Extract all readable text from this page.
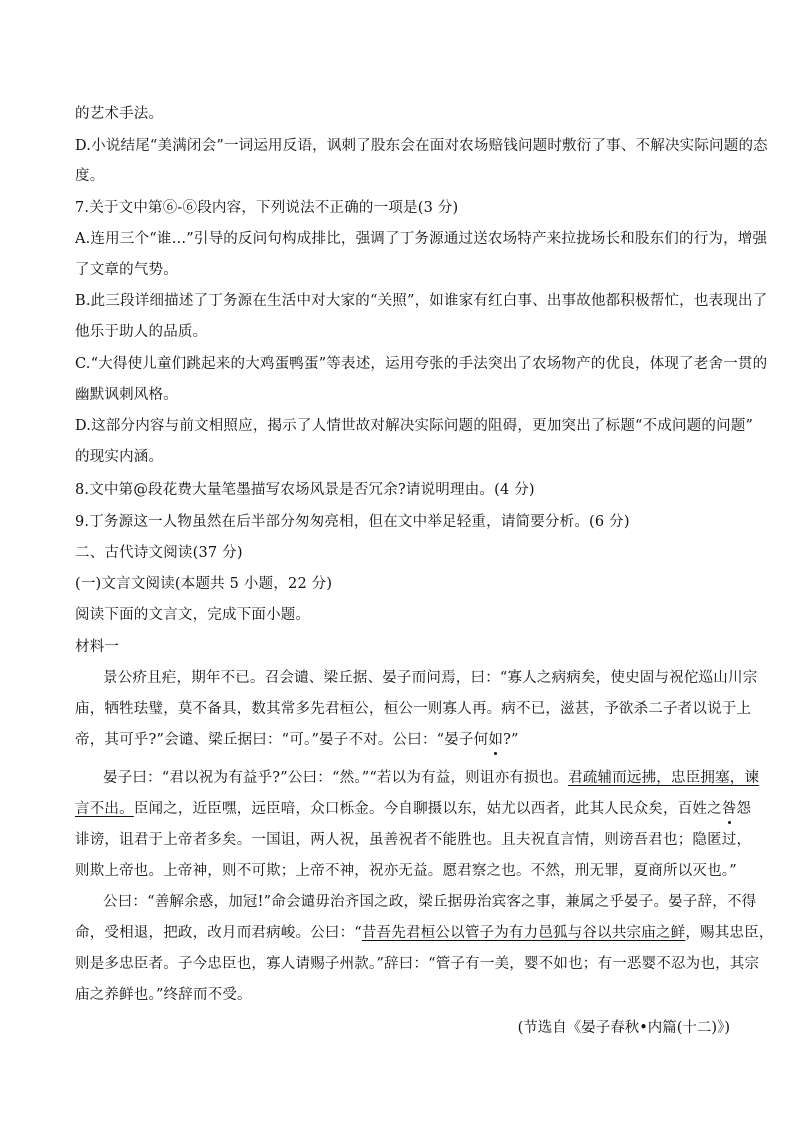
的艺术手法。
D.小说结尾“美满闭会”一词运用反语，讽刺了股东会在面对农场赔钱问题时敷衍了事、不解决实际问题的态
度。
7.关于文中第⑥-⑥段内容，下列说法不正确的一项是(3 分)
A.连用三个“谁…”引导的反问句构成排比，强调了丁务源通过送农场特产来拉拢场长和股东们的行为，增强
了文章的气势。
B.此三段详细描述了丁务源在生活中对大家的“关照”，如谁家有红白事、出事故他都积极帮忙，也表现出了
他乐于助人的品质。
C.“大得使儿童们跳起来的大鸡蛋鸭蛋”等表述，运用夸张的手法突出了农场物产的优良，体现了老舍一贯的
幽默讽刺风格。
D.这部分内容与前文相照应，揭示了人情世故对解决实际问题的阻碍，更加突出了标题“不成问题的问题”
的现实内涵。
8.文中第@段花费大量笔墨描写农场风景是否冗余?请说明理由。(4 分)
9.丁务源这一人物虽然在后半部分匆匆亮相，但在文中举足轻重，请简要分析。(6 分)
二、古代诗文阅读(37 分)
(一)文言文阅读(本题共 5 小题，22 分)
阅读下面的文言文，完成下面小题。
材料一
景公疥且疟，期年不已。召会谴、梁丘据、晏子而问焉，曰：“寡人之病病矣，使史固与祝佗巡山川宗
庙，牺牲珐璧，莫不备具，数其常多先君桓公，桓公一则寡人再。病不已，滋甚，予欲杀二子者以说于上
帝，其可乎?”会谴、梁丘据曰：“可。”晏子不对。公曰：“晏子何如?”
晏子曰：“君以祝为有益乎?”公曰：“然。”“若以为有益，则诅亦有损也。君疏辅而远拂，忠臣拥塞，谏
言不出。臣闻之，近臣嘿，远臣喑，众口栎金。今自聊摄以东，姑尤以西者，此其人民众矣，百姓之咎怨
诽谤，诅君于上帝者多矣。一国诅，两人祝，虽善祝者不能胜也。且夫祝直言情，则谤吾君也；隐匿过，
则欺上帝也。上帝神，则不可欺；上帝不神，祝亦无益。愿君察之也。不然，刑无罪，夏商所以灭也。”
公曰：“善解余惑，加冠!”命会谴毋治齐国之政，梁丘据毋治宾客之事，兼属之乎晏子。晏子辞，不得
命，受相退，把政，改月而君病峻。公曰：“昔吾先君桓公以管子为有力邑狐与谷以共宗庙之鲜，赐其忠臣，
则是多忠臣者。子今忠臣也，寡人请赐子州款。”辞曰：“管子有一美，婴不如也；有一恶婴不忍为也，其宗
庙之养鲜也。”终辞而不受。
(节选自《晏子春秋•内篇(十二)》)
